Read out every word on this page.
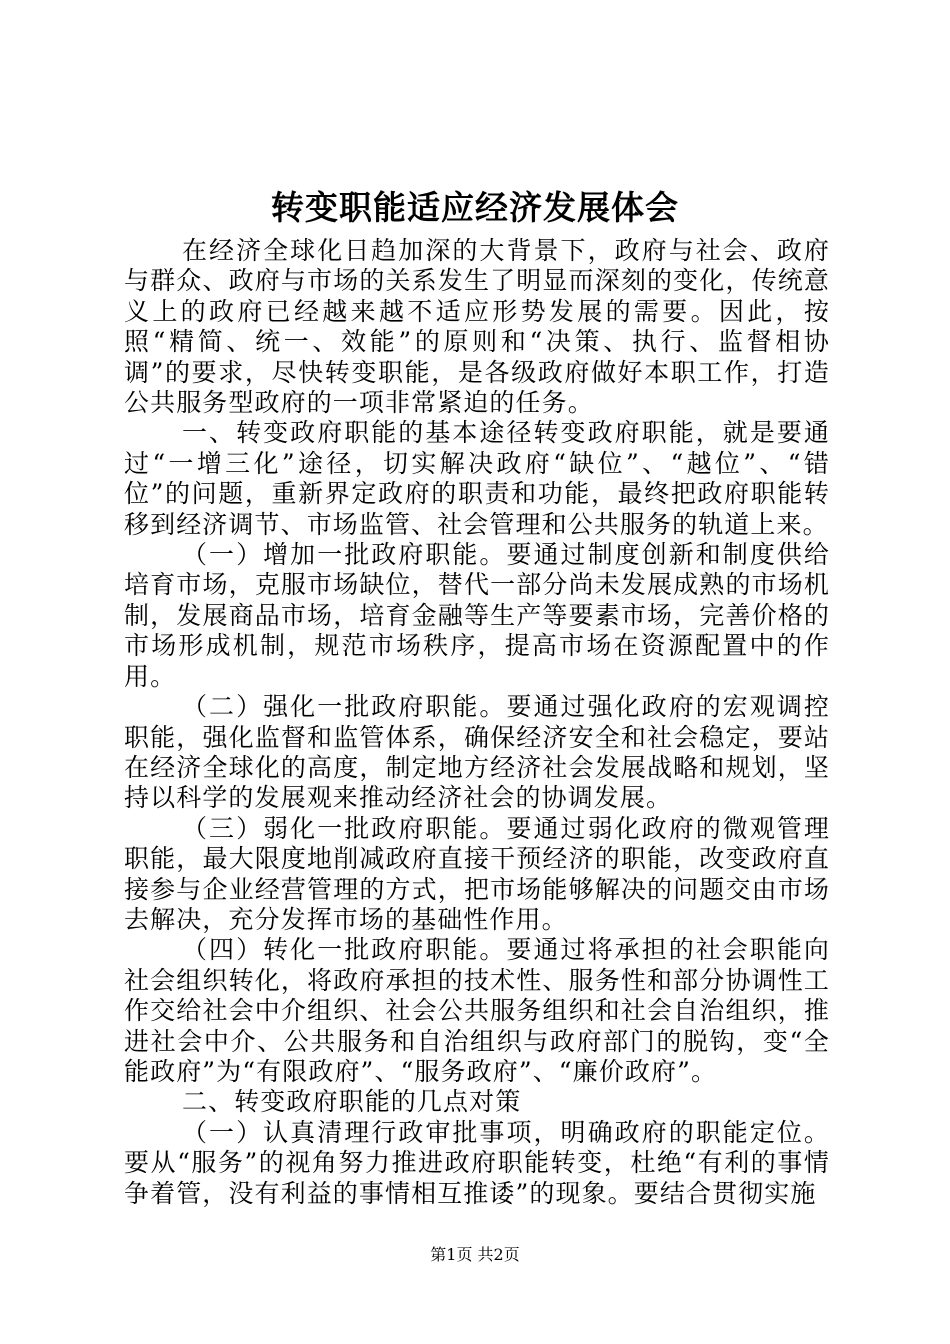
转变职能适应经济发展体会

在经济全球化日趋加深的大背景下，政府与社会、政府与群众、政府与市场的关系发生了明显而深刻的变化，传统意义上的政府已经越来越不适应形势发展的需要。因此，按照“精简、统一、效能”的原则和“决策、执行、监督相协调”的要求，尽快转变职能，是各级政府做好本职工作，打造公共服务型政府的一项非常紧迫的任务。

一、转变政府职能的基本途径转变政府职能，就是要通过“一增三化”途径，切实解决政府“缺位”、“越位”、“错位”的问题，重新界定政府的职责和功能，最终把政府职能转移到经济调节、市场监管、社会管理和公共服务的轨道上来。

（一）增加一批政府职能。要通过制度创新和制度供给培育市场，克服市场缺位，替代一部分尚未发展成熟的市场机制，发展商品市场，培育金融等生产等要素市场，完善价格的市场形成机制，规范市场秩序，提高市场在资源配置中的作用。

（二）强化一批政府职能。要通过强化政府的宏观调控职能，强化监督和监管体系，确保经济安全和社会稳定，要站在经济全球化的高度，制定地方经济社会发展战略和规划，坚持以科学的发展观来推动经济社会的协调发展。

（三）弱化一批政府职能。要通过弱化政府的微观管理职能，最大限度地削减政府直接干预经济的职能，改变政府直接参与企业经营管理的方式，把市场能够解决的问题交由市场去解决，充分发挥市场的基础性作用。

（四）转化一批政府职能。要通过将承担的社会职能向社会组织转化，将政府承担的技术性、服务性和部分协调性工作交给社会中介组织、社会公共服务组织和社会自治组织，推进社会中介、公共服务和自治组织与政府部门的脱钩，变“全能政府”为“有限政府”、“服务政府”、“廉价政府”。

二、转变政府职能的几点对策

（一）认真清理行政审批事项，明确政府的职能定位。要从“服务”的视角努力推进政府职能转变，杜绝“有利的事情争着管，没有利益的事情相互推诿”的现象。要结合贯彻实施

第1页 共2页
